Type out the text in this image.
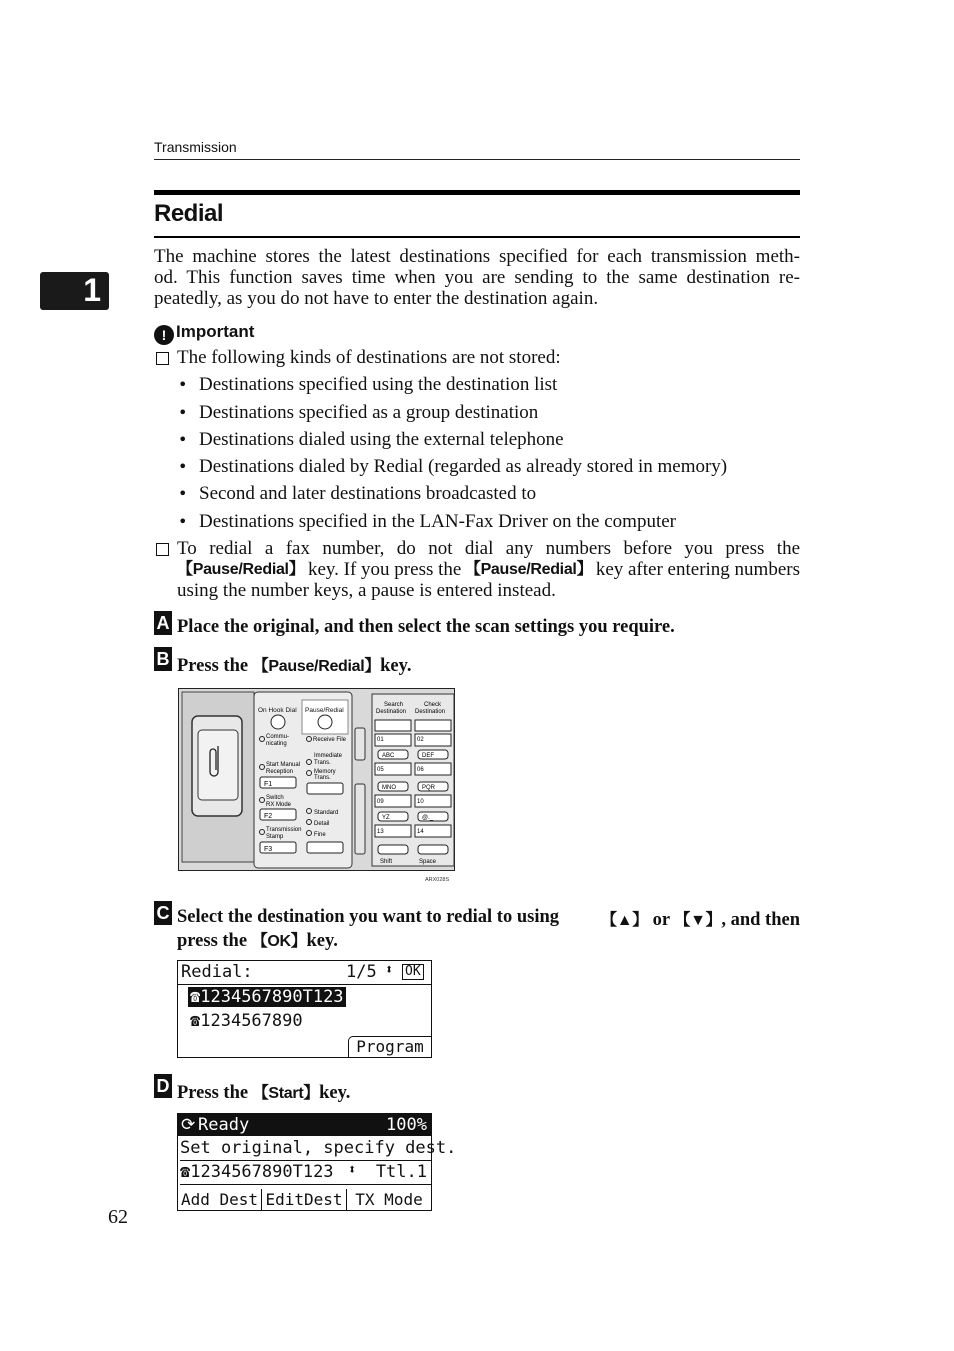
Transmission
Redial
1
The machine stores the latest destinations specified for each transmission meth-
od. This function saves time when you are sending to the same destination re-
peatedly, as you do not have to enter the destination again.
! Important
The following kinds of destinations are not stored:
• Destinations specified using the destination list
• Destinations specified as a group destination
• Destinations dialed using the external telephone
• Destinations dialed by Redial (regarded as already stored in memory)
• Second and later destinations broadcasted to
• Destinations specified in the LAN-Fax Driver on the computer
To redial a fax number, do not dial any numbers before you press the
【Pause/Redial】 key. If you press the 【Pause/Redial】 key after entering numbers
using the number keys, a pause is entered instead.
A Place the original, and then select the scan settings you require.
B Press the 【Pause/Redial】key.
On Hook Dial Pause/Redial
Commu-
nicating
Receive File
Immediate
Trans.
Start Manual
Reception	Memory
Trans.
F1
Switch
RX Mode
Standard
F2
Detail
Transmission
Stamp	Fine
F3
Search
Destination
Check
Destination
01	02
ABC	DEF
05	06
MNO	PQR
09	10
YZ	@._
13	14
Shift	Space
ARX028S
C Select the destination you want to redial to using	【▲】 or 【▼】, and then
press the 【OK】key.
Redial:	1/5 ⬍ OK
☎1234567890T123
☎1234567890
Program
D Press the 【Start】key.
⟳ Ready	100%
Set original, specify dest.
☎1234567890T123 ⬍ Ttl.1
Add Dest EditDest TX Mode
62
